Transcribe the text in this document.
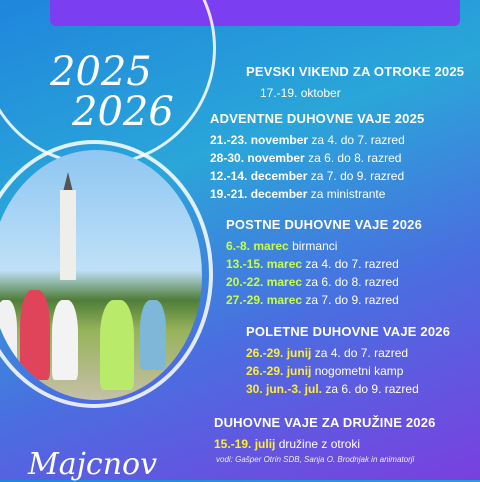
2025
2026
Majcnov
PEVSKI VIKEND ZA OTROKE 2025
17.-19. oktober
ADVENTNE DUHOVNE VAJE 2025
21.-23. november za 4. do 7. razred
28-30. november za 6. do 8. razred
12.-14. december za 7. do 9. razred
19.-21. december za ministrante
POSTNE DUHOVNE VAJE 2026
6.-8. marec birmanci
13.-15. marec za 4. do 7. razred
20.-22. marec za 6. do 8. razred
27.-29. marec za 7. do 9. razred
POLETNE DUHOVNE VAJE 2026
26.-29. junij za 4. do 7. razred
26.-29. junij nogometni kamp
30. jun.-3. jul. za 6. do 9. razred
DUHOVNE VAJE ZA DRUŽINE 2026
15.-19. julij družine z otroki
vodi: Gašper Otrin SDB, Sanja O. Brodnjak in animatorji
